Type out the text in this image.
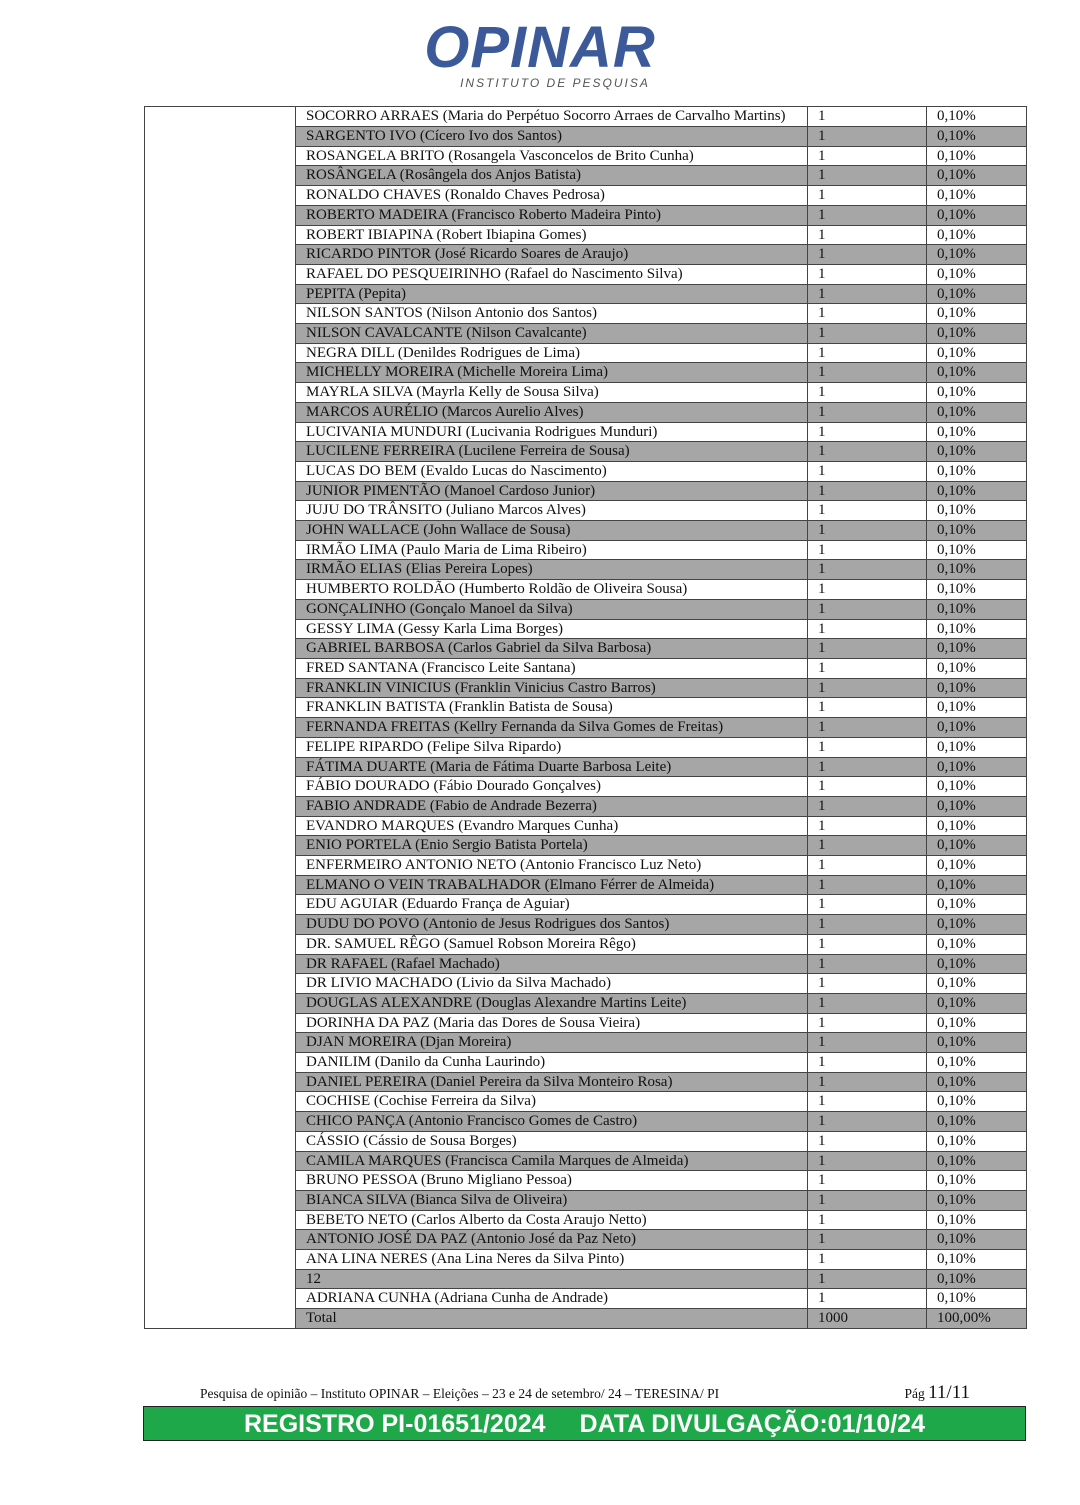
OPINAR
INSTITUTO DE PESQUISA
	SOCORRO ARRAES (Maria do Perpétuo Socorro Arraes de Carvalho Martins)	1	0,10%
	SARGENTO IVO (Cícero Ivo dos Santos)	1	0,10%
	ROSANGELA BRITO (Rosangela Vasconcelos de Brito Cunha)	1	0,10%
	ROSÂNGELA (Rosângela dos Anjos Batista)	1	0,10%
	RONALDO CHAVES (Ronaldo Chaves Pedrosa)	1	0,10%
	ROBERTO MADEIRA (Francisco Roberto Madeira Pinto)	1	0,10%
	ROBERT IBIAPINA (Robert Ibiapina Gomes)	1	0,10%
	RICARDO PINTOR (José Ricardo Soares de Araujo)	1	0,10%
	RAFAEL DO PESQUEIRINHO (Rafael do Nascimento Silva)	1	0,10%
	PEPITA (Pepita)	1	0,10%
	NILSON SANTOS (Nilson Antonio dos Santos)	1	0,10%
	NILSON CAVALCANTE (Nilson Cavalcante)	1	0,10%
	NEGRA DILL (Denildes Rodrigues de Lima)	1	0,10%
	MICHELLY MOREIRA (Michelle Moreira Lima)	1	0,10%
	MAYRLA SILVA (Mayrla Kelly de Sousa Silva)	1	0,10%
	MARCOS AURÉLIO (Marcos Aurelio Alves)	1	0,10%
	LUCIVANIA MUNDURI (Lucivania Rodrigues Munduri)	1	0,10%
	LUCILENE FERREIRA (Lucilene Ferreira de Sousa)	1	0,10%
	LUCAS DO BEM (Evaldo Lucas do Nascimento)	1	0,10%
	JUNIOR PIMENTÃO (Manoel Cardoso Junior)	1	0,10%
	JUJU DO TRÂNSITO (Juliano Marcos Alves)	1	0,10%
	JOHN WALLACE (John Wallace de Sousa)	1	0,10%
	IRMÃO LIMA (Paulo Maria de Lima Ribeiro)	1	0,10%
	IRMÃO ELIAS (Elias Pereira Lopes)	1	0,10%
	HUMBERTO ROLDÃO (Humberto Roldão de Oliveira Sousa)	1	0,10%
	GONÇALINHO (Gonçalo Manoel da Silva)	1	0,10%
	GESSY LIMA (Gessy Karla Lima Borges)	1	0,10%
	GABRIEL BARBOSA (Carlos Gabriel da Silva Barbosa)	1	0,10%
	FRED SANTANA (Francisco Leite Santana)	1	0,10%
	FRANKLIN VINICIUS (Franklin Vinicius Castro Barros)	1	0,10%
	FRANKLIN BATISTA (Franklin Batista de Sousa)	1	0,10%
	FERNANDA FREITAS (Kellry Fernanda da Silva Gomes de Freitas)	1	0,10%
	FELIPE RIPARDO (Felipe Silva Ripardo)	1	0,10%
	FÁTIMA DUARTE (Maria de Fátima Duarte Barbosa Leite)	1	0,10%
	FÁBIO DOURADO (Fábio Dourado Gonçalves)	1	0,10%
	FABIO ANDRADE (Fabio de Andrade Bezerra)	1	0,10%
	EVANDRO MARQUES (Evandro Marques Cunha)	1	0,10%
	ENIO PORTELA (Enio Sergio Batista Portela)	1	0,10%
	ENFERMEIRO ANTONIO NETO (Antonio Francisco Luz Neto)	1	0,10%
	ELMANO O VEIN TRABALHADOR (Elmano Férrer de Almeida)	1	0,10%
	EDU AGUIAR (Eduardo França de Aguiar)	1	0,10%
	DUDU DO POVO (Antonio de Jesus Rodrigues dos Santos)	1	0,10%
	DR. SAMUEL RÊGO (Samuel Robson Moreira Rêgo)	1	0,10%
	DR RAFAEL (Rafael Machado)	1	0,10%
	DR LIVIO MACHADO (Livio da Silva Machado)	1	0,10%
	DOUGLAS ALEXANDRE (Douglas Alexandre Martins Leite)	1	0,10%
	DORINHA DA PAZ (Maria das Dores de Sousa Vieira)	1	0,10%
	DJAN MOREIRA (Djan Moreira)	1	0,10%
	DANILIM (Danilo da Cunha Laurindo)	1	0,10%
	DANIEL PEREIRA (Daniel Pereira da Silva Monteiro Rosa)	1	0,10%
	COCHISE (Cochise Ferreira da Silva)	1	0,10%
	CHICO PANÇA (Antonio Francisco Gomes de Castro)	1	0,10%
	CÁSSIO (Cássio de Sousa Borges)	1	0,10%
	CAMILA MARQUES (Francisca Camila Marques de Almeida)	1	0,10%
	BRUNO PESSOA (Bruno Migliano Pessoa)	1	0,10%
	BIANCA SILVA (Bianca Silva de Oliveira)	1	0,10%
	BEBETO NETO (Carlos Alberto da Costa Araujo Netto)	1	0,10%
	ANTONIO JOSÉ DA PAZ (Antonio José da Paz Neto)	1	0,10%
	ANA LINA NERES (Ana Lina Neres da Silva Pinto)	1	0,10%
	12	1	0,10%
	ADRIANA CUNHA (Adriana Cunha de Andrade)	1	0,10%
	Total	1000	100,00%
Pesquisa de opinião – Instituto OPINAR – Eleições – 23 e 24 de setembro/ 24 – TERESINA/ PI	Pág 11/11
REGISTRO PI-01651/2024 DATA DIVULGAÇÃO:01/10/24
